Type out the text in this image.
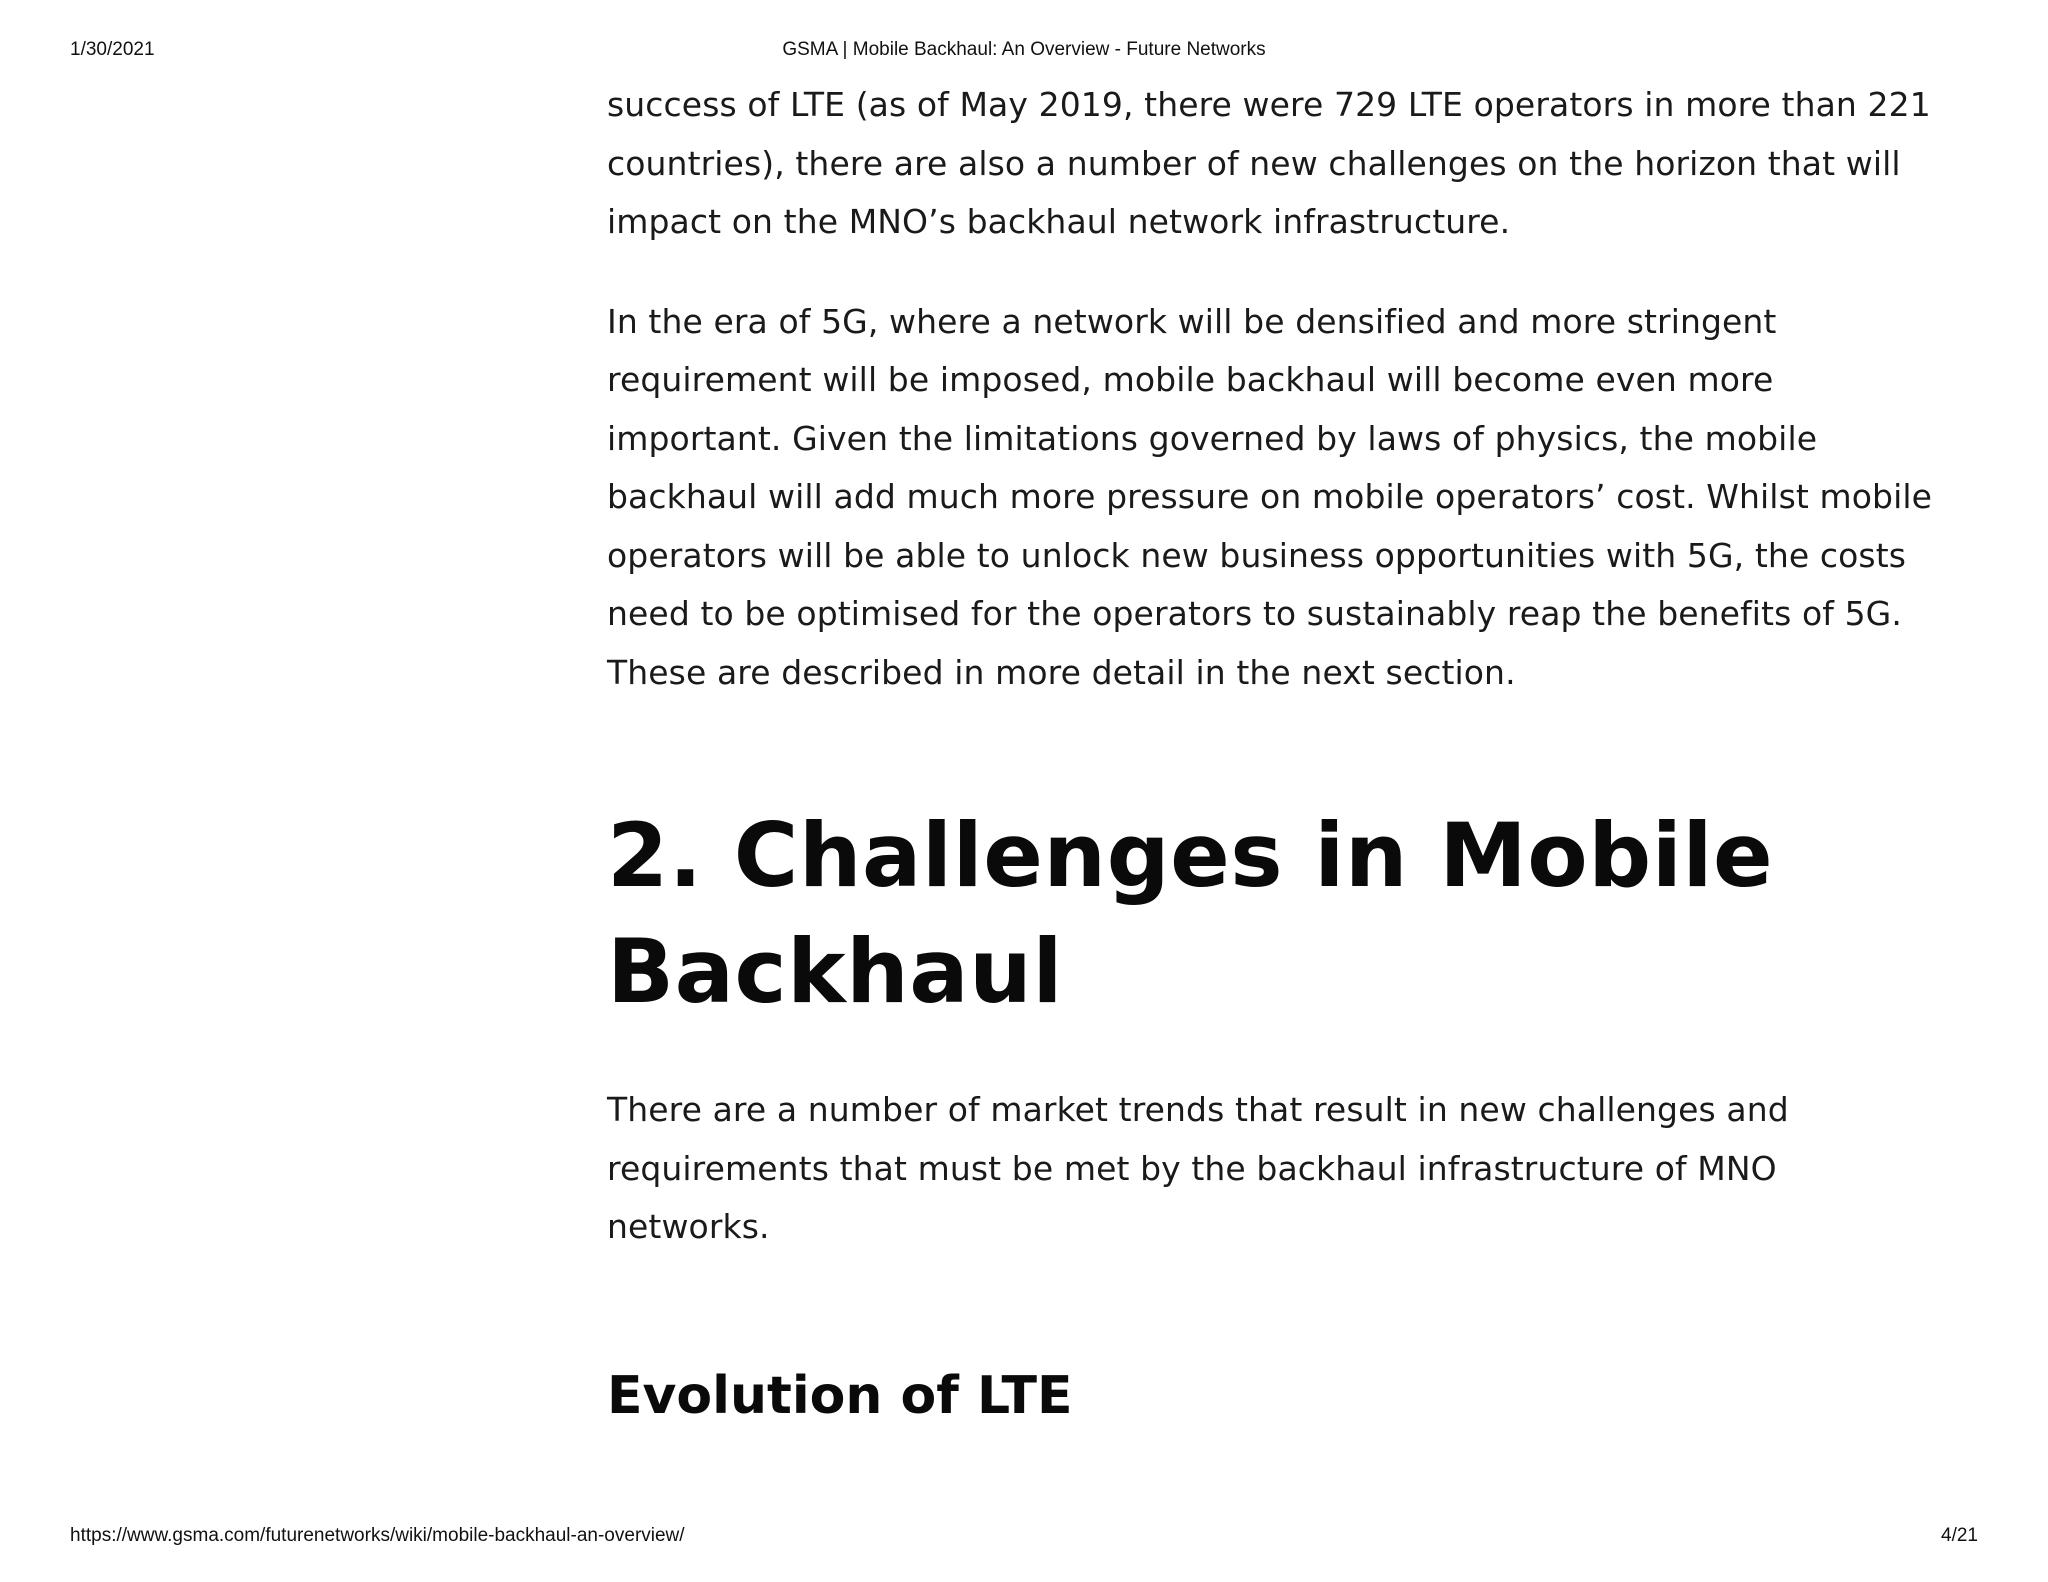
1/30/2021	GSMA | Mobile Backhaul: An Overview - Future Networks

success of LTE (as of May 2019, there were 729 LTE operators in more than 221 countries), there are also a number of new challenges on the horizon that will impact on the MNO’s backhaul network infrastructure.

In the era of 5G, where a network will be densified and more stringent requirement will be imposed, mobile backhaul will become even more important. Given the limitations governed by laws of physics, the mobile backhaul will add much more pressure on mobile operators’ cost. Whilst mobile operators will be able to unlock new business opportunities with 5G, the costs need to be optimised for the operators to sustainably reap the benefits of 5G. These are described in more detail in the next section.

2. Challenges in Mobile Backhaul

There are a number of market trends that result in new challenges and requirements that must be met by the backhaul infrastructure of MNO networks.

Evolution of LTE
https://www.gsma.com/futurenetworks/wiki/mobile-backhaul-an-overview/	4/21
